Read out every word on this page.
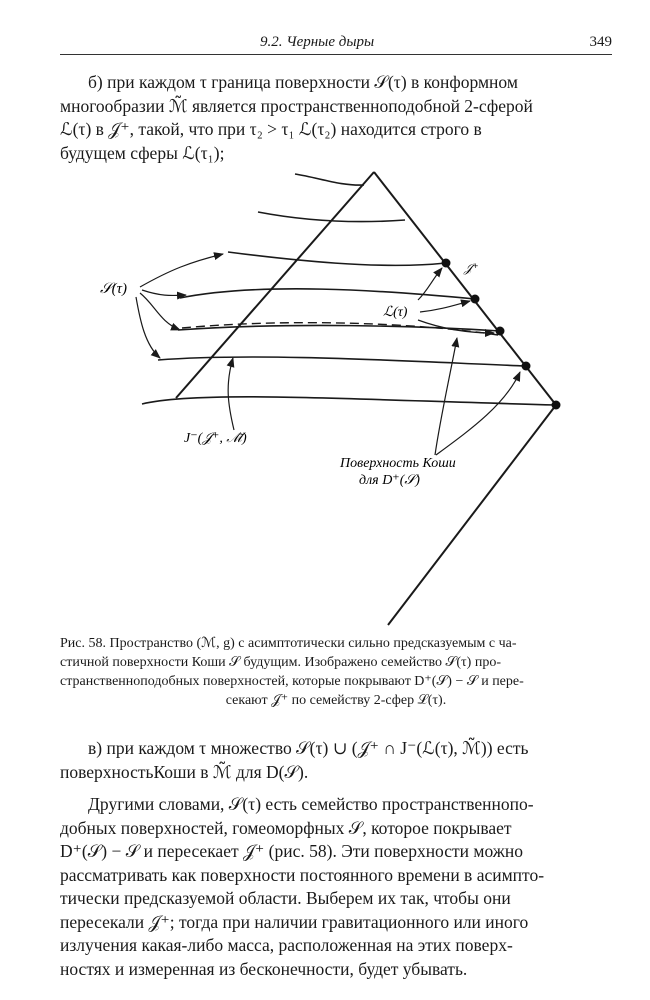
9.2. Черные дыры	349

б) при каждом τ граница поверхности 𝒮(τ) в конформном
многообразии ℳ̃ является пространственноподобной 2-сферой
ℒ(τ) в 𝒥⁺, такой, что при τ₂ > τ₁ ℒ(τ₂) находится строго в
будущем сферы ℒ(τ₁);

𝒮(τ)
𝒥⁺
ℒ(τ)
J⁻(𝒥⁺, ℳ̃)
Поверхность Коши
для D⁺(𝒮)

Рис. 58. Пространство (ℳ, g) с асимптотически сильно предсказуемым с ча-
стичной поверхности Коши 𝒮 будущим. Изображено семейство 𝒮(τ) про-
странственноподобных поверхностей, которые покрывают D⁺(𝒮) − 𝒮 и пере-
секают 𝒥⁺ по семейству 2-сфер ℒ(τ).

в) при каждом τ множество 𝒮(τ) ∪ (𝒥⁺ ∩ J⁻(ℒ(τ), ℳ̃)) есть
поверхностьКоши в ℳ̃ для D(𝒮).

Другими словами, 𝒮(τ) есть семейство пространственнопо-
добных поверхностей, гомеоморфных 𝒮, которое покрывает
D⁺(𝒮) − 𝒮 и пересекает 𝒥⁺ (рис. 58). Эти поверхности можно
рассматривать как поверхности постоянного времени в асимпто-
тически предсказуемой области. Выберем их так, чтобы они
пересекали 𝒥⁺; тогда при наличии гравитационного или иного
излучения какая-либо масса, расположенная на этих поверх-
ностях и измеренная из бесконечности, будет убывать.
